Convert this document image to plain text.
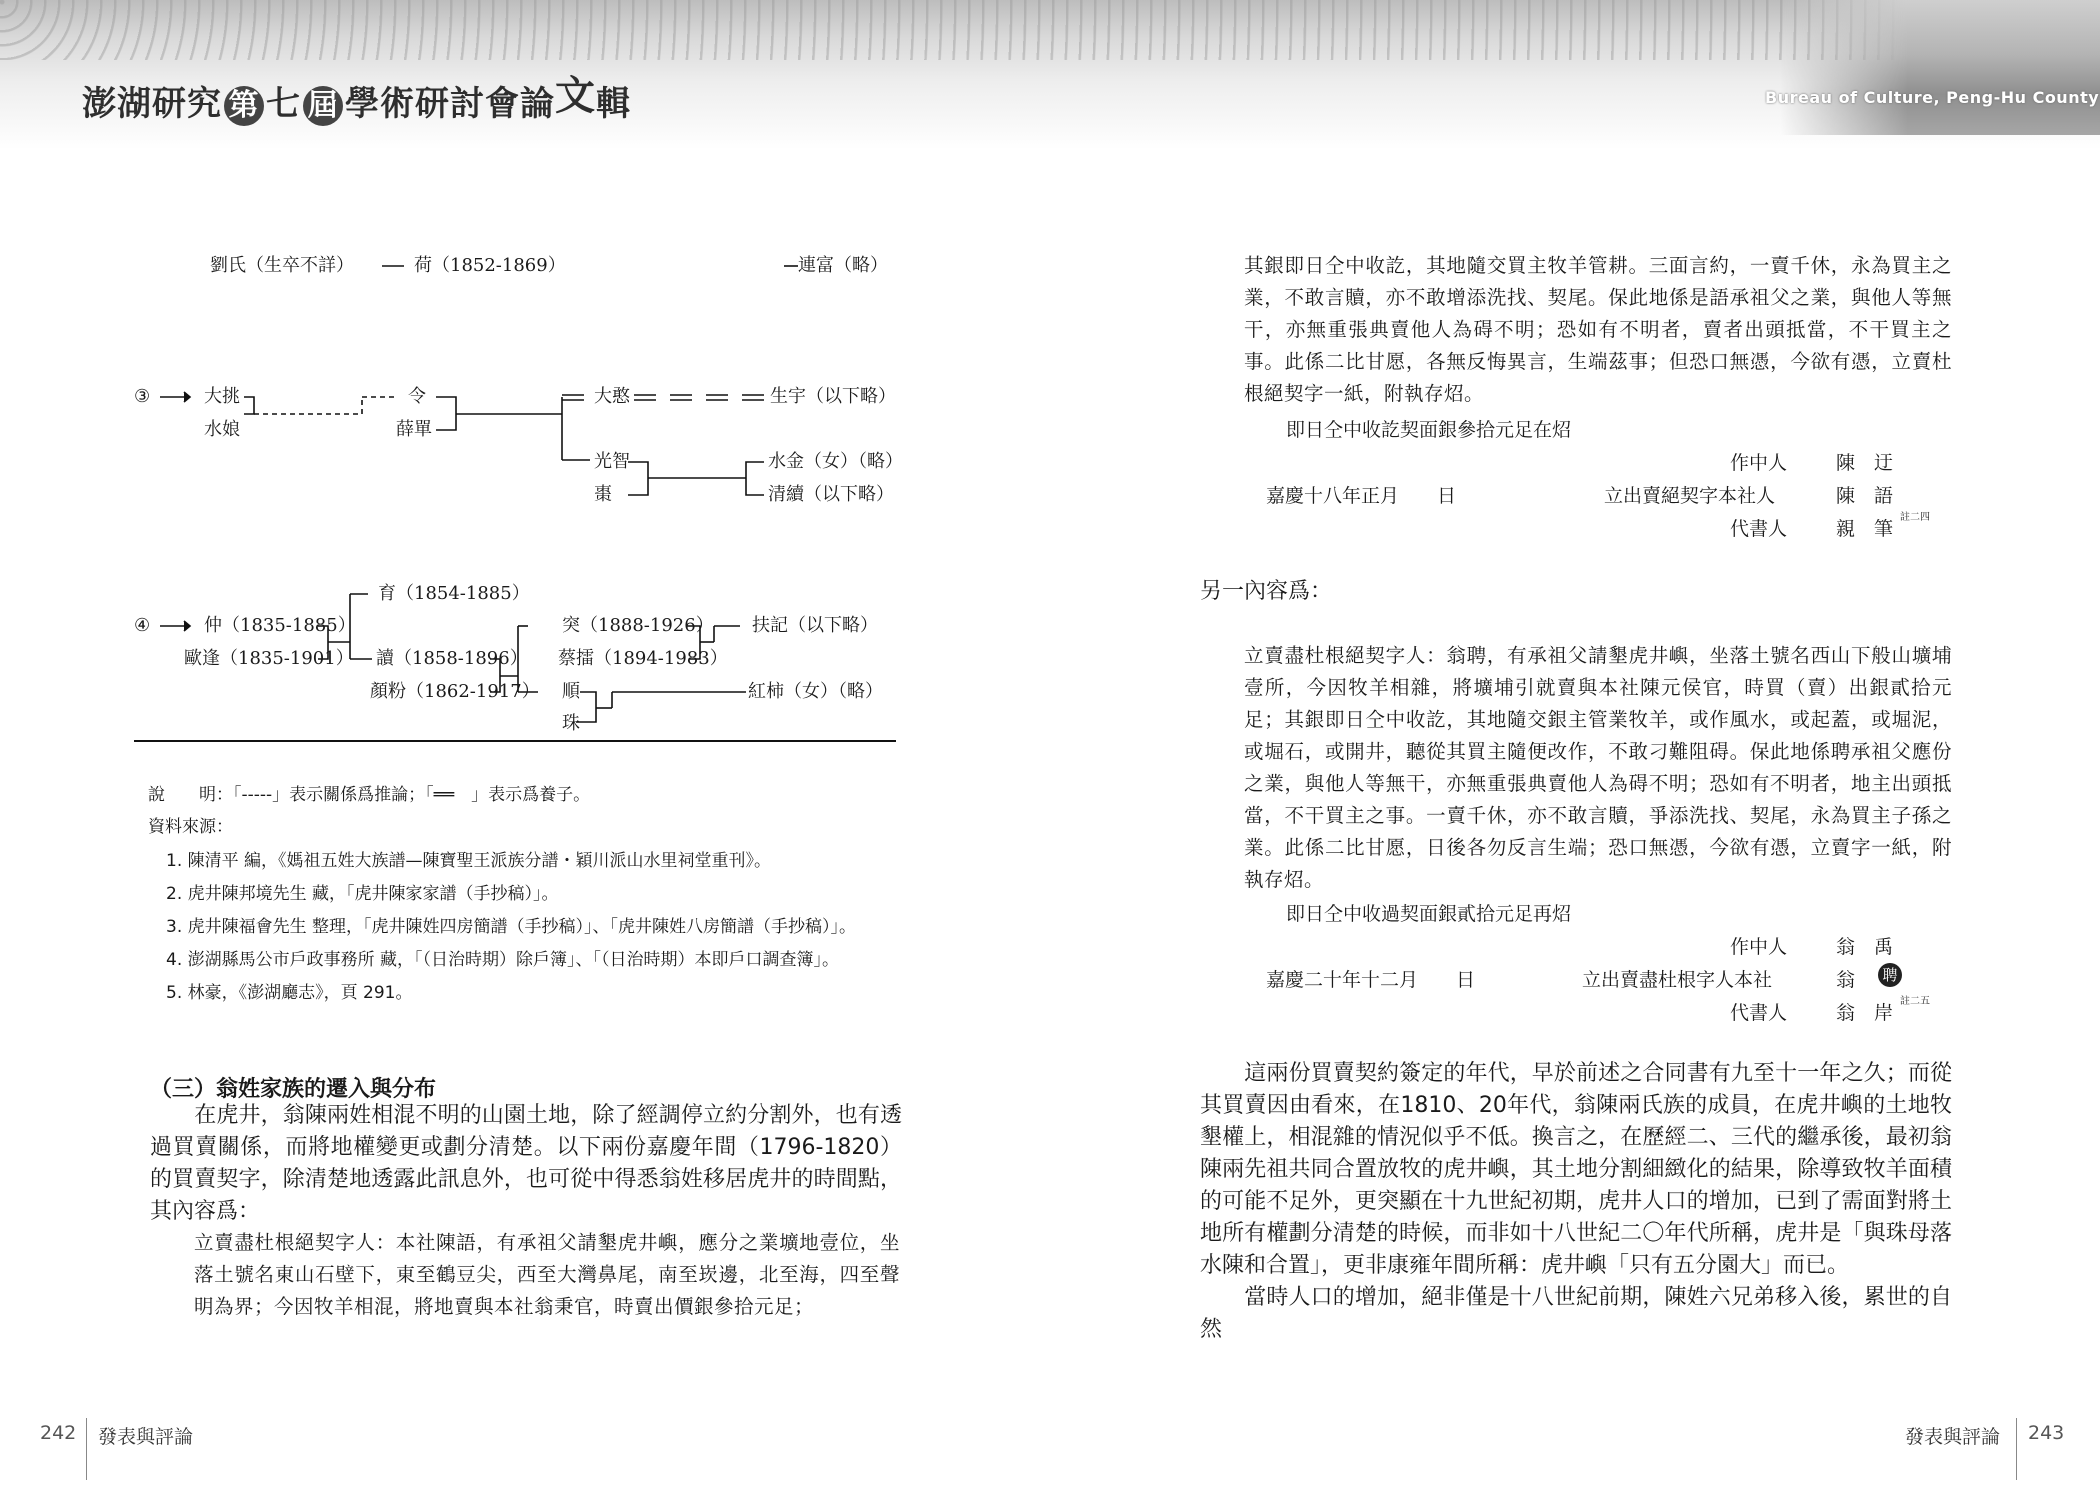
澎湖研究 第 七 屆 學術研討會論文輯	Bureau of Culture, Peng-Hu County
劉氏（生卒不詳）	荷（1852-1869）	連富（略）
③	大挑
水娘
令
薛單
大憨	生宇（以下略）
光智
棗
水金（女）（略）
清續（以下略）
④	仲（1835-1885）
歐逢（1835-1901）
育（1854-1885）
讀（1858-1896）
顏粉（1862-1917）
突（1888-1926）
蔡擂（1894-1983）
順
珠
扶記（以下略）
紅柿（女）（略）
說　　明：「-----」表示關係爲推論；「══　」表示爲養子。
資料來源：
1. 陳清平 編，《媽祖五姓大族譜—陳寶聖王派族分譜・穎川派山水里祠堂重刊》。
2. 虎井陳邦境先生 藏，「虎井陳家家譜（手抄稿）」。
3. 虎井陳福會先生 整理，「虎井陳姓四房簡譜（手抄稿）」、「虎井陳姓八房簡譜（手抄稿）」。
4. 澎湖縣馬公市戶政事務所 藏，「（日治時期）除戶簿」、「（日治時期）本即戶口調查簿」。
5. 林豪，《澎湖廳志》，頁 291。
（三）翁姓家族的遷入與分布
　　在虎井，翁陳兩姓相混不明的山園土地，除了經調停立約分割外，也有透過買賣關係，而將地權變更或劃分清楚。以下兩份嘉慶年間（1796-1820）的買賣契字，除清楚地透露此訊息外，也可從中得悉翁姓移居虎井的時間點，其內容爲：
立賣盡杜根絕契字人：本社陳語，有承祖父請墾虎井嶼，應分之業壙地壹位，坐落土號名東山石壁下，東至鶴豆尖，西至大灣鼻尾，南至崁邊，北至海，四至聲明為界；今因牧羊相混，將地賣與本社翁秉官，時賣出價銀參拾元足；
其銀即日仝中收訖，其地隨交買主牧羊管耕。三面言約，一賣千休，永為買主之業，不敢言贖，亦不敢增添洗找、契尾。保此地係是語承祖父之業，與他人等無干，亦無重張典賣他人為碍不明；恐如有不明者，賣者出頭抵當，不干買主之事。此係二比甘愿，各無反悔異言，生端茲事；但恐口無憑，今欲有憑，立賣杜根絕契字一紙，附執存炤。
即日仝中收訖契面銀參拾元足在炤
嘉慶十八年正月　　日
作中人	陳　迂
立出賣絕契字本社人	陳　語
代書人	親　筆
註二四
另一內容爲：
立賣盡杜根絕契字人：翁聘，有承祖父請墾虎井嶼，坐落土號名西山下般山壙埔壹所，今因牧羊相雜，將壙埔引就賣與本社陳元侯官，時買（賣）出銀貳拾元足；其銀即日仝中收訖，其地隨交銀主管業牧羊，或作風水，或起蓋，或堀泥，或堀石，或開井，聽從其買主隨便改作，不敢刁難阻碍。保此地係聘承祖父應份之業，與他人等無干，亦無重張典賣他人為碍不明；恐如有不明者，地主出頭抵當，不干買主之事。一賣千休，亦不敢言贖，爭添洗找、契尾，永為買主子孫之業。此係二比甘愿，日後各勿反言生端；恐口無憑，今欲有憑，立賣字一紙，附執存炤。
即日仝中收過契面銀貳拾元足再炤
嘉慶二十年十二月　　日
作中人	翁　禹
立出賣盡杜根字人本社	翁 聘
代書人	翁　岸
註二五
　　這兩份買賣契約簽定的年代，早於前述之合同書有九至十一年之久；而從其買賣因由看來，在1810、20年代，翁陳兩氏族的成員，在虎井嶼的土地牧墾權上，相混雜的情況似乎不低。換言之，在歷經二、三代的繼承後，最初翁陳兩先祖共同合置放牧的虎井嶼，其土地分割細緻化的結果，除導致牧羊面積的可能不足外，更突顯在十九世紀初期，虎井人口的增加，已到了需面對將土地所有權劃分清楚的時候，而非如十八世紀二〇年代所稱，虎井是「與珠母落水陳和合置」，更非康雍年間所稱：虎井嶼「只有五分園大」而已。
　　當時人口的增加，絕非僅是十八世紀前期，陳姓六兄弟移入後，累世的自然
242 發表與評論	發表與評論 243
